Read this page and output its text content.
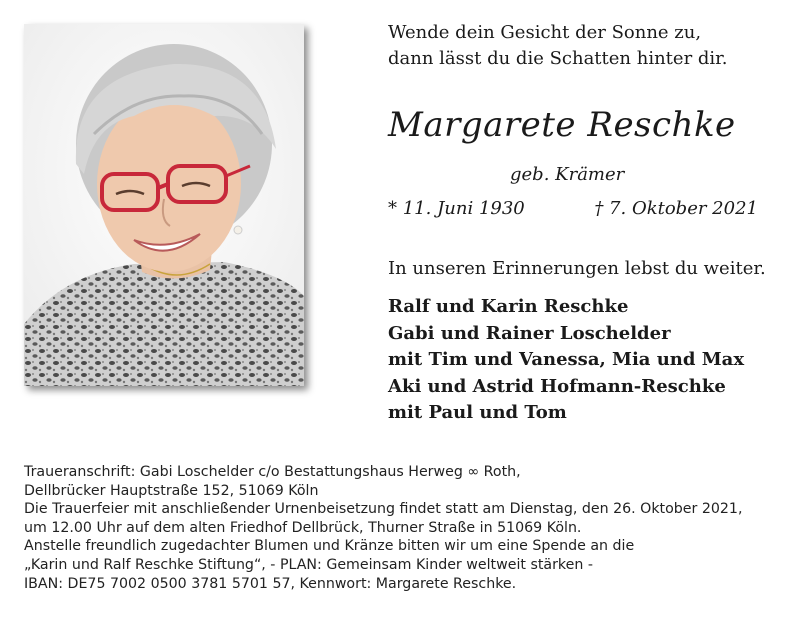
Wende dein Gesicht der Sonne zu,
dann lässt du die Schatten hinter dir.
Margarete Reschke
geb. Krämer
* 11. Juni 1930	† 7. Oktober 2021
In unseren Erinnerungen lebst du weiter.
Ralf und Karin Reschke
Gabi und Rainer Loschelder
mit Tim und Vanessa, Mia und Max
Aki und Astrid Hofmann-Reschke
mit Paul und Tom
Traueranschrift: Gabi Loschelder c/o Bestattungshaus Herweg ∞ Roth,
Dellbrücker Hauptstraße 152, 51069 Köln
Die Trauerfeier mit anschließender Urnenbeisetzung findet statt am Dienstag, den 26. Oktober 2021,
um 12.00 Uhr auf dem alten Friedhof Dellbrück, Thurner Straße in 51069 Köln.
Anstelle freundlich zugedachter Blumen und Kränze bitten wir um eine Spende an die
„Karin und Ralf Reschke Stiftung“, - PLAN: Gemeinsam Kinder weltweit stärken -
IBAN: DE75 7002 0500 3781 5701 57, Kennwort: Margarete Reschke.
